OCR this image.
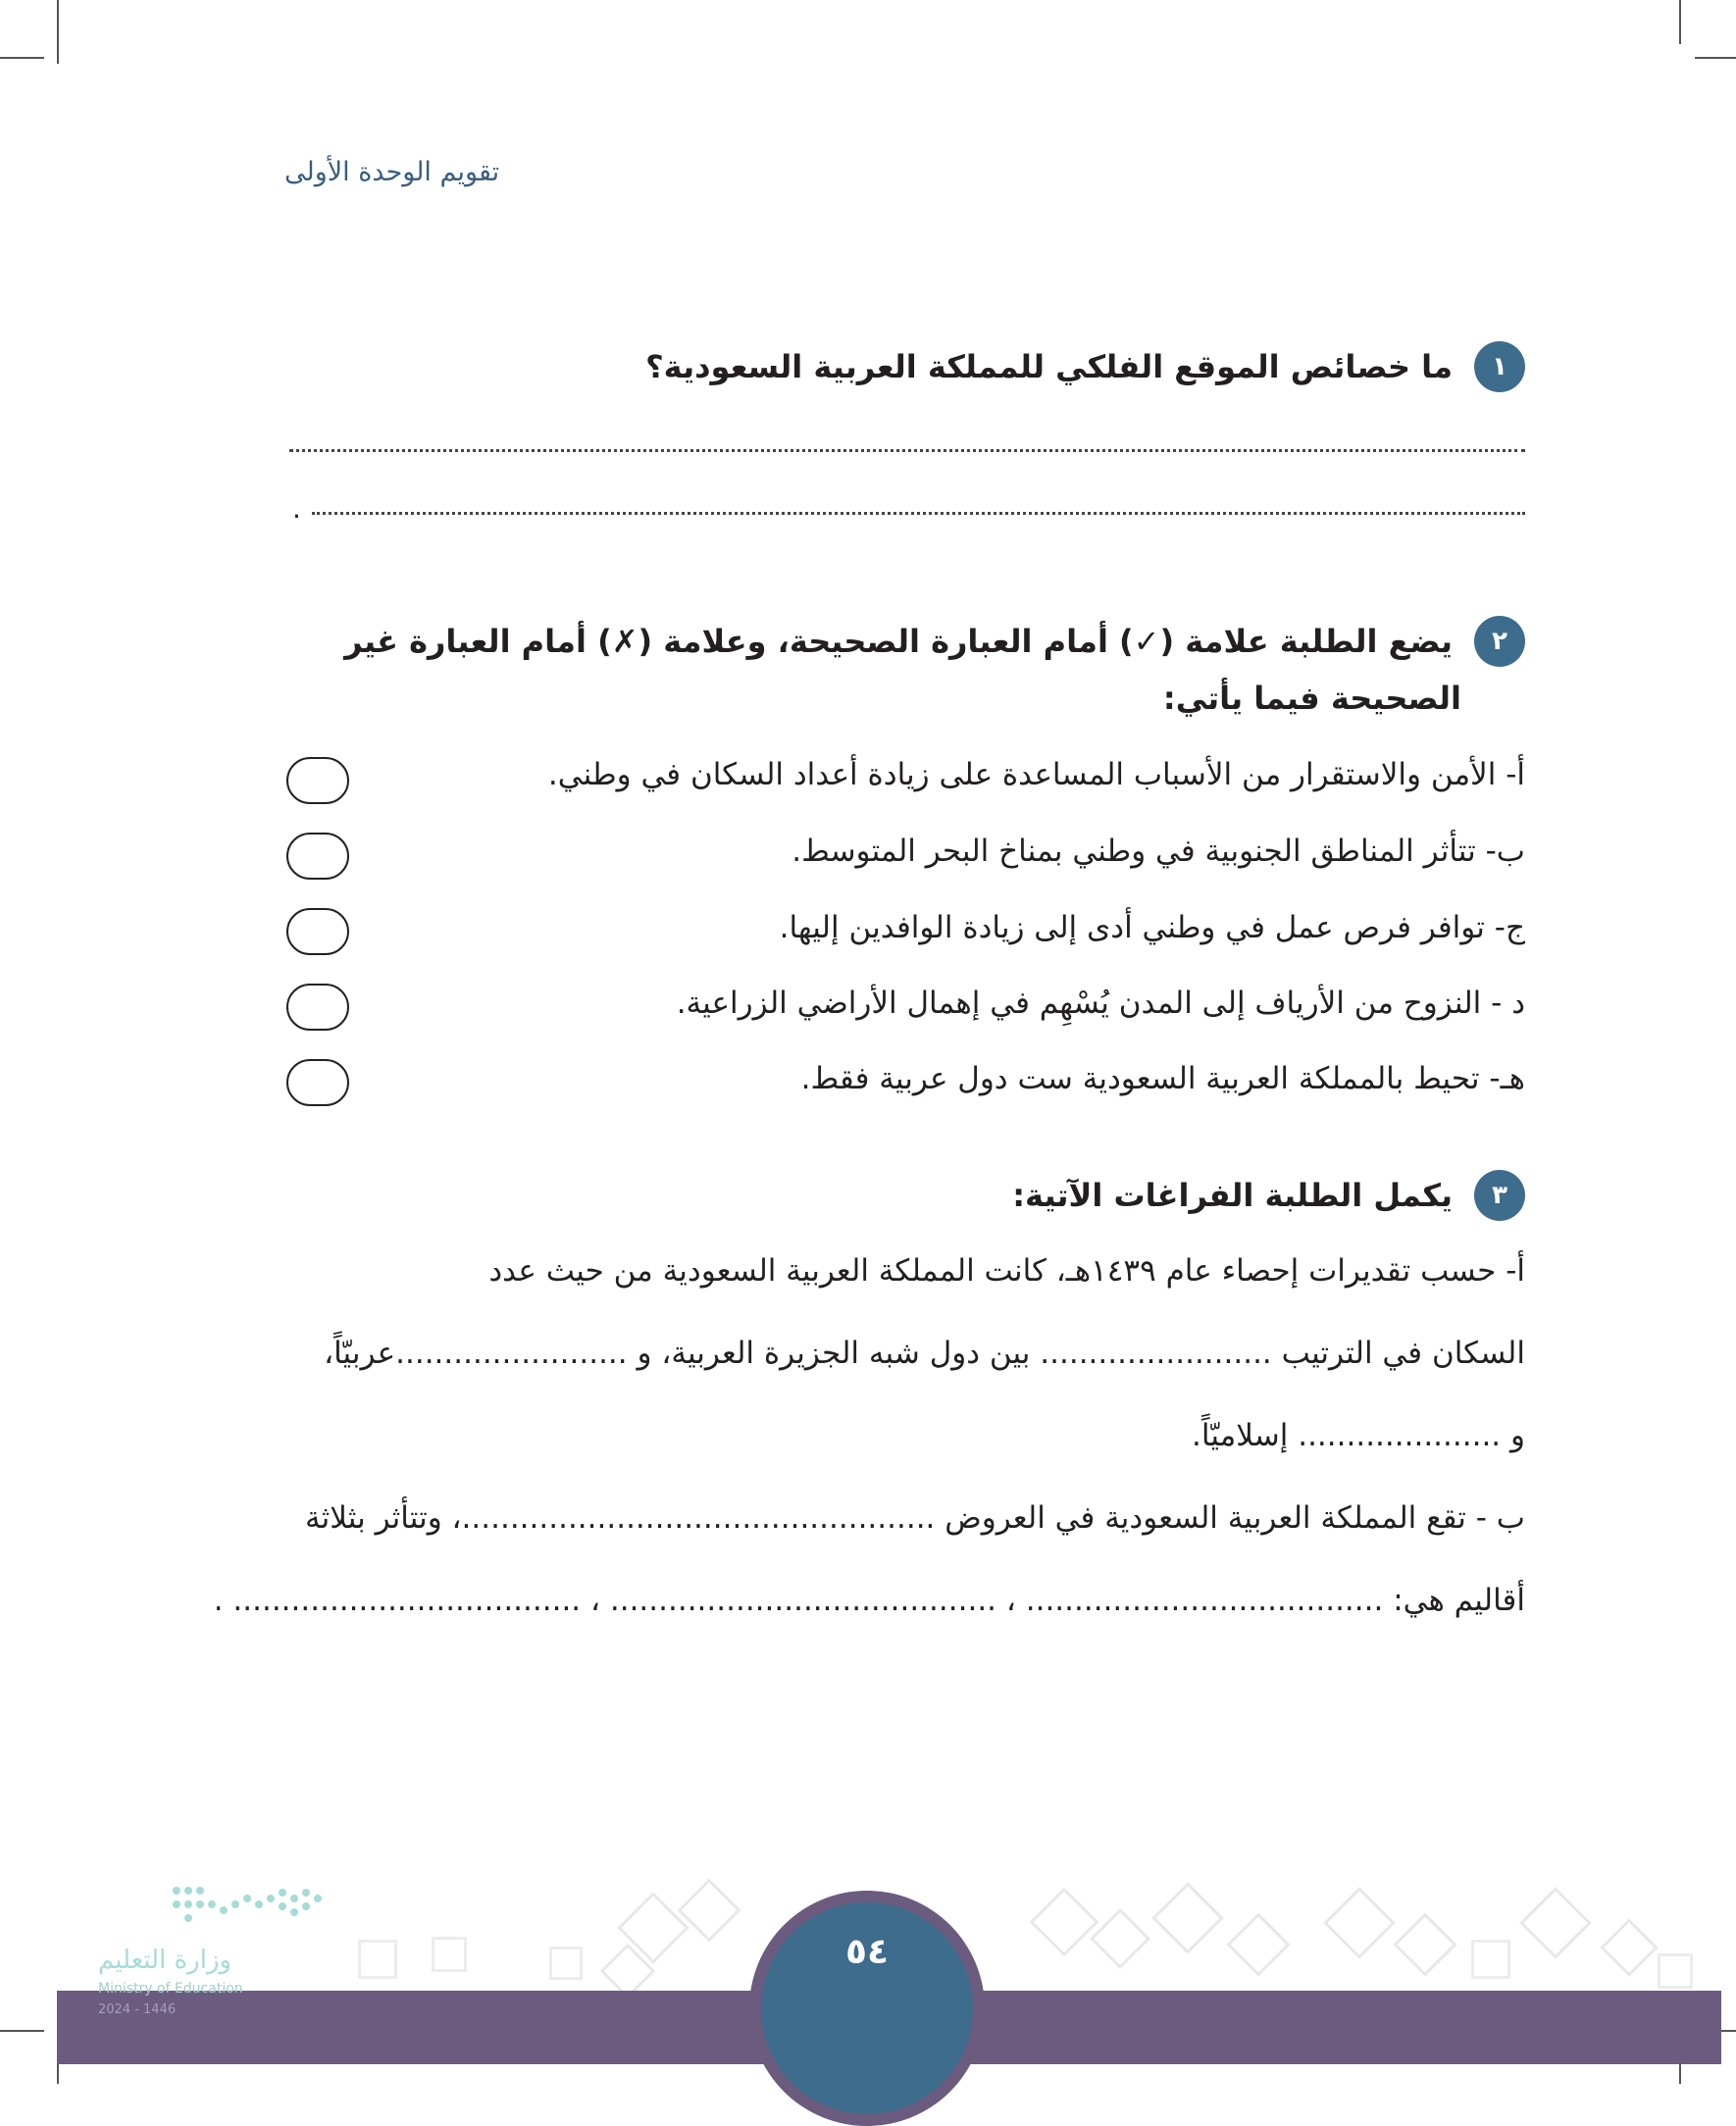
تقويم الوحدة الأولى
١
ما خصائص الموقع الفلكي للمملكة العربية السعودية؟
.
٢
يضع الطلبة علامة (✓) أمام العبارة الصحيحة، وعلامة (✗) أمام العبارة غير
الصحيحة فيما يأتي:
أ- الأمن والاستقرار من الأسباب المساعدة على زيادة أعداد السكان في وطني.
ب- تتأثر المناطق الجنوبية في وطني بمناخ البحر المتوسط.
ج- توافر فرص عمل في وطني أدى إلى زيادة الوافدين إليها.
د - النزوح من الأرياف إلى المدن يُسْهِم في إهمال الأراضي الزراعية.
هـ- تحيط بالمملكة العربية السعودية ست دول عربية فقط.
٣
يكمل الطلبة الفراغات الآتية:
أ- حسب تقديرات إحصاء عام ١٤٣٩هـ، كانت المملكة العربية السعودية من حيث عدد
السكان في الترتيب ........................ بين دول شبه الجزيرة العربية، و ........................عربيّاً،
و ..................... إسلاميّاً.
ب - تقع المملكة العربية السعودية في العروض .................................................، وتتأثر بثلاثة
أقاليم هي: ..................................... ، ........................................ ، .................................... .
٥٤
وزارة التعليم
Ministry of Education
2024 - 1446
